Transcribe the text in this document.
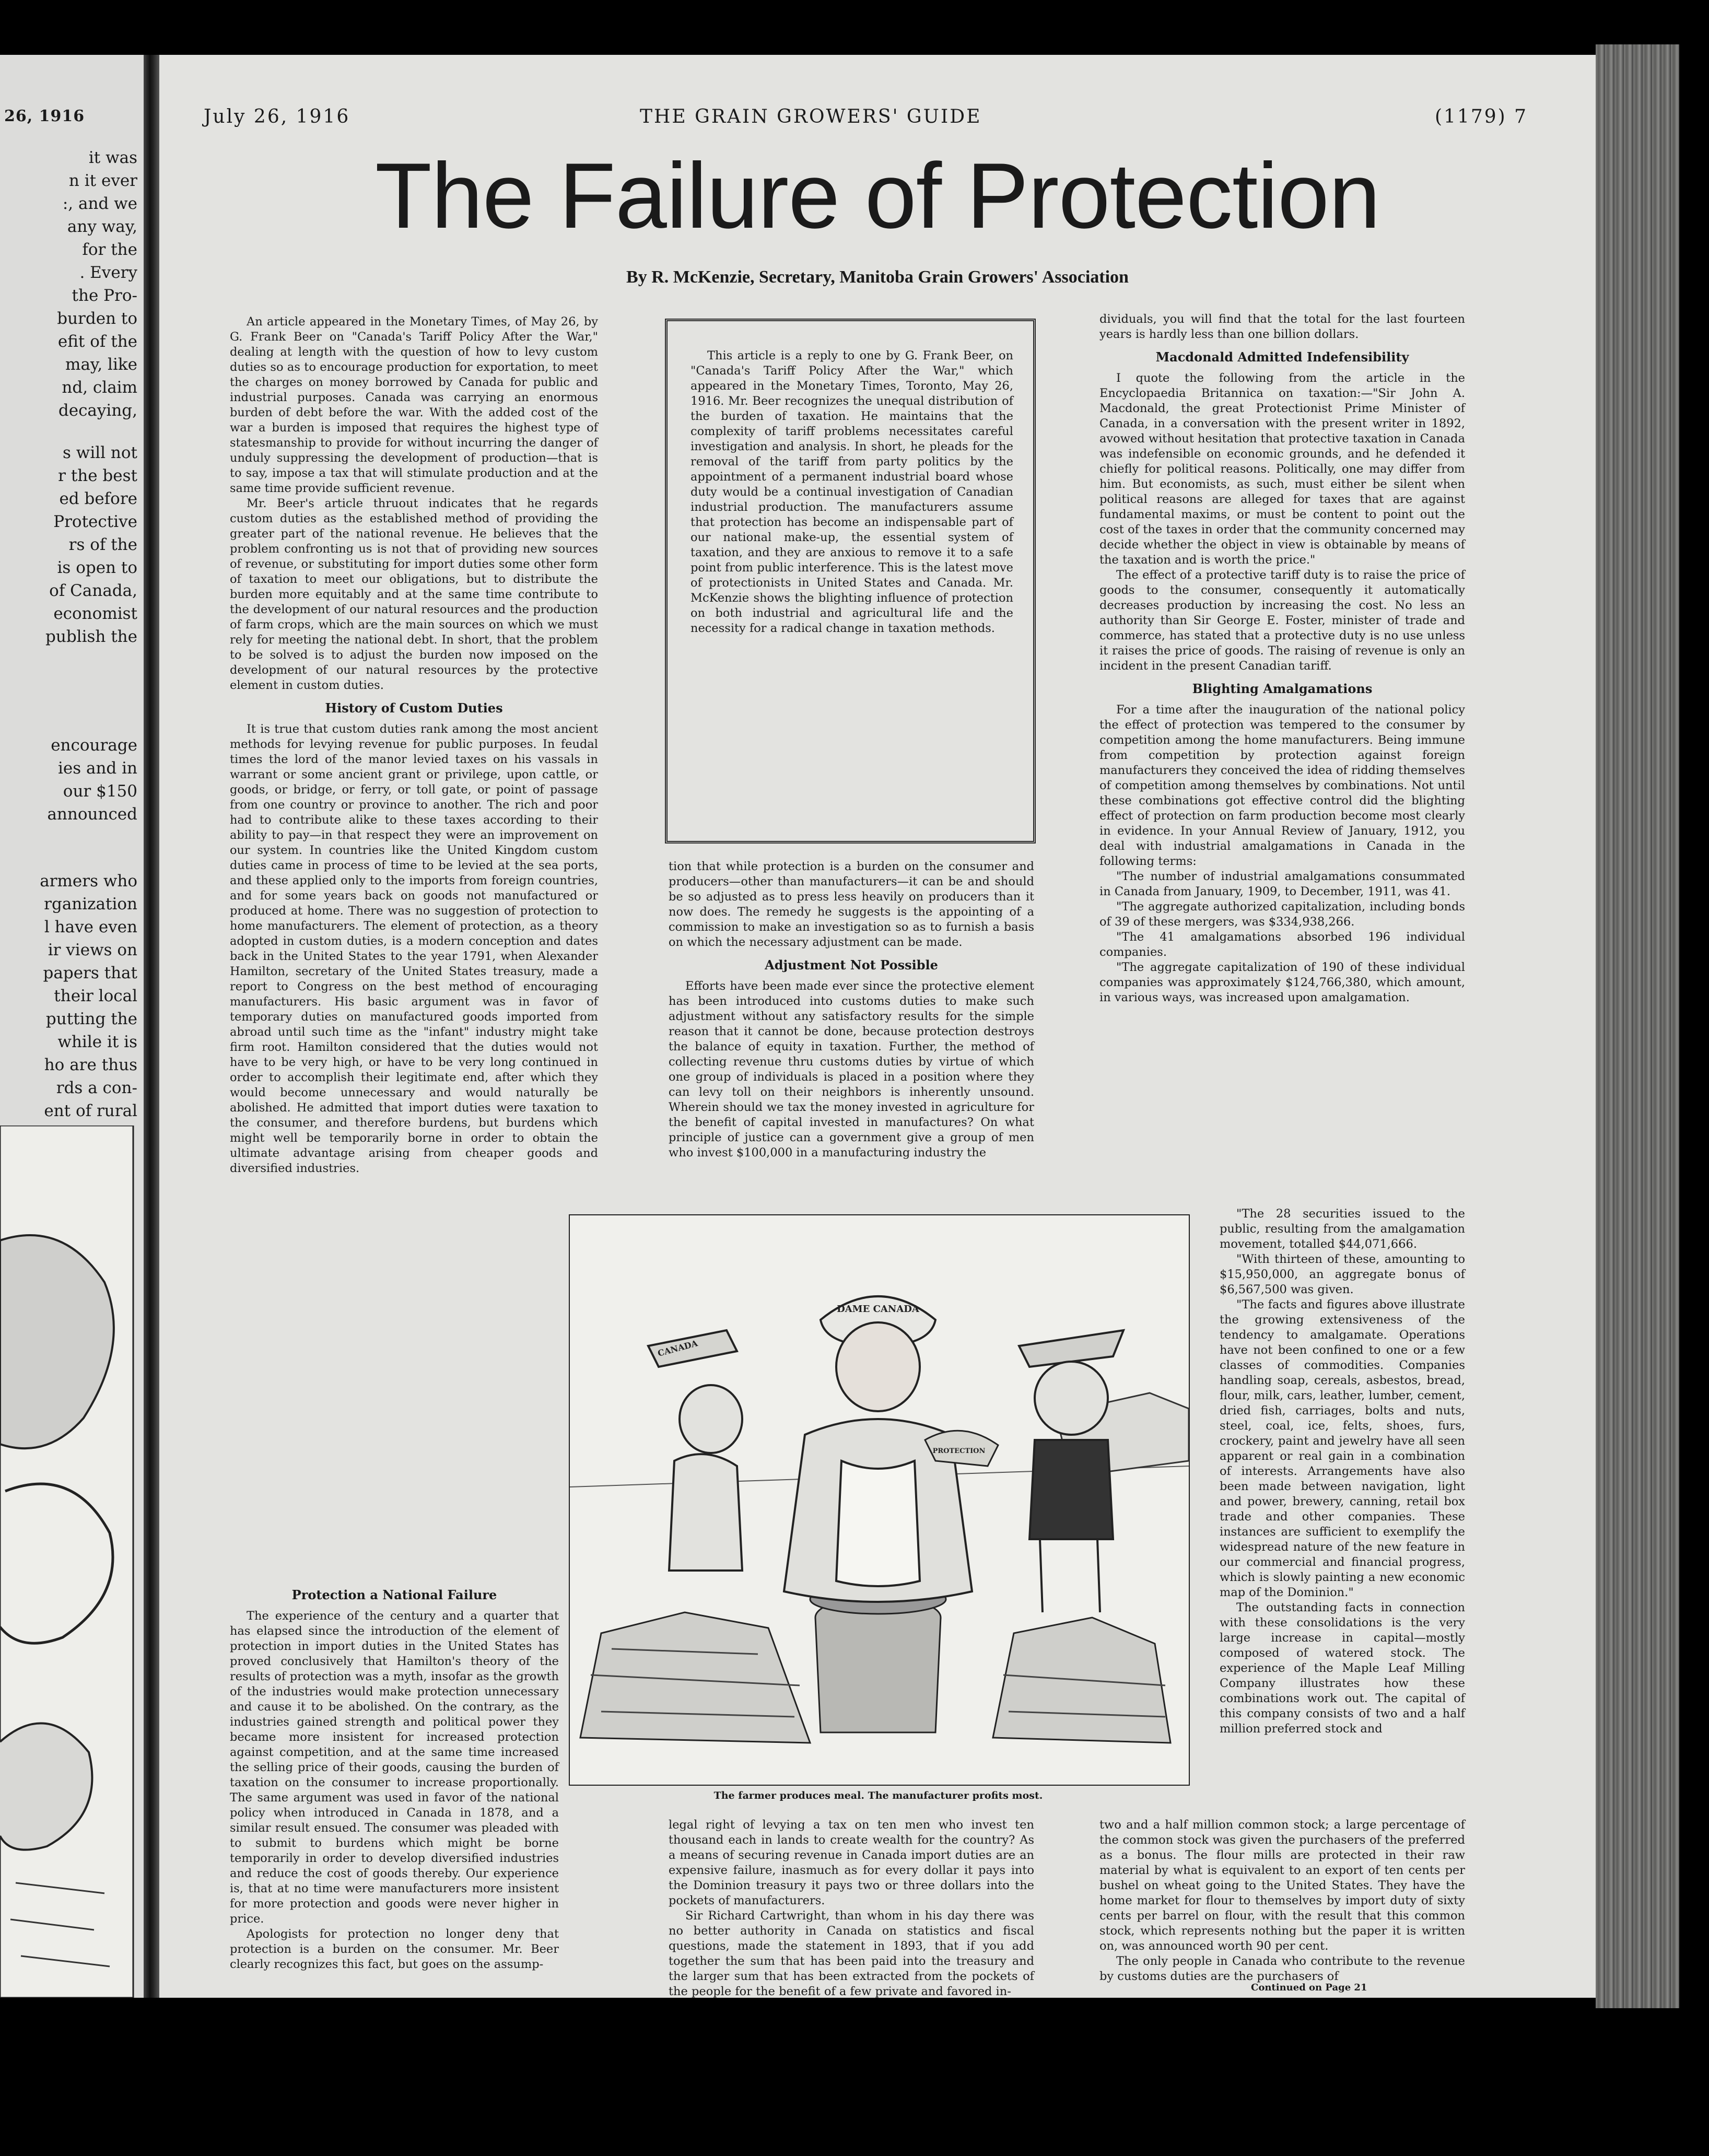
26, 1916
it was
n it ever
:, and we
any way,
for the
. Every
the Pro-
burden to
efit of the
may, like
nd, claim
decaying,
s will not
r the best
ed before
Protective
rs of the
is open to
of Canada,
economist
publish the
encourage
ies and in
our $150
announced
armers who
rganization
l have even
ir views on
papers that
their local
putting the
while it is
ho are thus
rds a con-
ent of rural
July 26, 1916	THE GRAIN GROWERS' GUIDE	(1179) 7
The Failure of Protection
By R. McKenzie, Secretary, Manitoba Grain Growers' Association

An article appeared in the Monetary Times, of May 26, by G. Frank Beer on "Canada's Tariff Policy After the War," dealing at length with the question of how to levy custom duties so as to encourage production for exportation, to meet the charges on money borrowed by Canada for public and industrial purposes. Canada was carrying an enormous burden of debt before the war. With the added cost of the war a burden is imposed that requires the highest type of statesmanship to provide for without incurring the danger of unduly suppressing the development of production—that is to say, impose a tax that will stimulate production and at the same time provide sufficient revenue.

Mr. Beer's article thruout indicates that he regards custom duties as the established method of providing the greater part of the national revenue. He believes that the problem confronting us is not that of providing new sources of revenue, or substituting for import duties some other form of taxation to meet our obligations, but to distribute the burden more equitably and at the same time contribute to the development of our natural resources and the production of farm crops, which are the main sources on which we must rely for meeting the national debt. In short, that the problem to be solved is to adjust the burden now imposed on the development of our natural resources by the protective element in custom duties.

History of Custom Duties

It is true that custom duties rank among the most ancient methods for levying revenue for public purposes. In feudal times the lord of the manor levied taxes on his vassals in warrant or some ancient grant or privilege, upon cattle, or goods, or bridge, or ferry, or toll gate, or point of passage from one country or province to another. The rich and poor had to contribute alike to these taxes according to their ability to pay—in that respect they were an improvement on our system. In countries like the United Kingdom custom duties came in process of time to be levied at the sea ports, and these applied only to the imports from foreign countries, and for some years back on goods not manufactured or produced at home. There was no suggestion of protection to home manufacturers. The element of protection, as a theory adopted in custom duties, is a modern conception and dates back in the United States to the year 1791, when Alexander Hamilton, secretary of the United States treasury, made a report to Congress on the best method of encouraging manufacturers. His basic argument was in favor of temporary duties on manufactured goods imported from abroad until such time as the "infant" industry might take firm root. Hamilton considered that the duties would not have to be very high, or have to be very long continued in order to accomplish their legitimate end, after which they would become unnecessary and would naturally be abolished. He admitted that import duties were taxation to the consumer, and therefore burdens, but burdens which might well be temporarily borne in order to obtain the ultimate advantage arising from cheaper goods and diversified industries.

Protection a National Failure

The experience of the century and a quarter that has elapsed since the introduction of the element of protection in import duties in the United States has proved conclusively that Hamilton's theory of the results of protection was a myth, insofar as the growth of the industries would make protection unnecessary and cause it to be abolished. On the contrary, as the industries gained strength and political power they became more insistent for increased protection against competition, and at the same time increased the selling price of their goods, causing the burden of taxation on the consumer to increase proportionally. The same argument was used in favor of the national policy when introduced in Canada in 1878, and a similar result ensued. The consumer was pleaded with to submit to burdens which might be borne temporarily in order to develop diversified industries and reduce the cost of goods thereby. Our experience is, that at no time were manufacturers more insistent for more protection and goods were never higher in price.

Apologists for protection no longer deny that protection is a burden on the consumer. Mr. Beer clearly recognizes this fact, but goes on the assump-

This article is a reply to one by G. Frank Beer, on "Canada's Tariff Policy After the War," which appeared in the Monetary Times, Toronto, May 26, 1916. Mr. Beer recognizes the unequal distribution of the burden of taxation. He maintains that the complexity of tariff problems necessitates careful investigation and analysis. In short, he pleads for the removal of the tariff from party politics by the appointment of a permanent industrial board whose duty would be a continual investigation of Canadian industrial production. The manufacturers assume that protection has become an indispensable part of our national make-up, the essential system of taxation, and they are anxious to remove it to a safe point from public interference. This is the latest move of protectionists in United States and Canada. Mr. McKenzie shows the blighting influence of protection on both industrial and agricultural life and the necessity for a radical change in taxation methods.

tion that while protection is a burden on the consumer and producers—other than manufacturers—it can be and should be so adjusted as to press less heavily on producers than it now does. The remedy he suggests is the appointing of a commission to make an investigation so as to furnish a basis on which the necessary adjustment can be made.

Adjustment Not Possible

Efforts have been made ever since the protective element has been introduced into customs duties to make such adjustment without any satisfactory results for the simple reason that it cannot be done, because protection destroys the balance of equity in taxation. Further, the method of collecting revenue thru customs duties by virtue of which one group of individuals is placed in a position where they can levy toll on their neighbors is inherently unsound. Wherein should we tax the money invested in agriculture for the benefit of capital invested in manufactures? On what principle of justice can a government give a group of men who invest $100,000 in a manufacturing industry the

legal right of levying a tax on ten men who invest ten thousand each in lands to create wealth for the country? As a means of securing revenue in Canada import duties are an expensive failure, inasmuch as for every dollar it pays into the Dominion treasury it pays two or three dollars into the pockets of manufacturers.

Sir Richard Cartwright, than whom in his day there was no better authority in Canada on statistics and fiscal questions, made the statement in 1893, that if you add together the sum that has been paid into the treasury and the larger sum that has been extracted from the pockets of the people for the benefit of a few private and favored in-

dividuals, you will find that the total for the last fourteen years is hardly less than one billion dollars.

Macdonald Admitted Indefensibility

I quote the following from the article in the Encyclopaedia Britannica on taxation:—"Sir John A. Macdonald, the great Protectionist Prime Minister of Canada, in a conversation with the present writer in 1892, avowed without hesitation that protective taxation in Canada was indefensible on economic grounds, and he defended it chiefly for political reasons. Politically, one may differ from him. But economists, as such, must either be silent when political reasons are alleged for taxes that are against fundamental maxims, or must be content to point out the cost of the taxes in order that the community concerned may decide whether the object in view is obtainable by means of the taxation and is worth the price."

The effect of a protective tariff duty is to raise the price of goods to the consumer, consequently it automatically decreases production by increasing the cost. No less an authority than Sir George E. Foster, minister of trade and commerce, has stated that a protective duty is no use unless it raises the price of goods. The raising of revenue is only an incident in the present Canadian tariff.

Blighting Amalgamations

For a time after the inauguration of the national policy the effect of protection was tempered to the consumer by competition among the home manufacturers. Being immune from competition by protection against foreign manufacturers they conceived the idea of ridding themselves of competition among themselves by combinations. Not until these combinations got effective control did the blighting effect of protection on farm production become most clearly in evidence. In your Annual Review of January, 1912, you deal with industrial amalgamations in Canada in the following terms:

"The number of industrial amalgamations consummated in Canada from January, 1909, to December, 1911, was 41.

"The aggregate authorized capitalization, including bonds of 39 of these mergers, was $334,938,266.

"The 41 amalgamations absorbed 196 individual companies.

"The aggregate capitalization of 190 of these individual companies was approximately $124,766,380, which amount, in various ways, was increased upon amalgamation.

"The 28 securities issued to the public, resulting from the amalgamation movement, totalled $44,071,666.

"With thirteen of these, amounting to $15,950,000, an aggregate bonus of $6,567,500 was given.

"The facts and figures above illustrate the growing extensiveness of the tendency to amalgamate. Operations have not been confined to one or a few classes of commodities. Companies handling soap, cereals, asbestos, bread, flour, milk, cars, leather, lumber, cement, dried fish, carriages, bolts and nuts, steel, coal, ice, felts, shoes, furs, crockery, paint and jewelry have all seen apparent or real gain in a combination of interests. Arrangements have also been made between navigation, light and power, brewery, canning, retail box trade and other companies. These instances are sufficient to exemplify the widespread nature of the new feature in our commercial and financial progress, which is slowly painting a new economic map of the Dominion."

The outstanding facts in connection with these consolidations is the very large increase in capital—mostly composed of watered stock. The experience of the Maple Leaf Milling Company illustrates how these combinations work out. The capital of this company consists of two and a half million preferred stock and

two and a half million common stock; a large percentage of the common stock was given the purchasers of the preferred as a bonus. The flour mills are protected in their raw material by what is equivalent to an export of ten cents per bushel on wheat going to the United States. They have the home market for flour to themselves by import duty of sixty cents per barrel on flour, with the result that this common stock, which represents nothing but the paper it is written on, was announced worth 90 per cent.

The only people in Canada who contribute to the revenue by customs duties are the purchasers of

Continued on Page 21
DAME CANADA
CANADA
PROTECTION
The farmer produces meal. The manufacturer profits most.
